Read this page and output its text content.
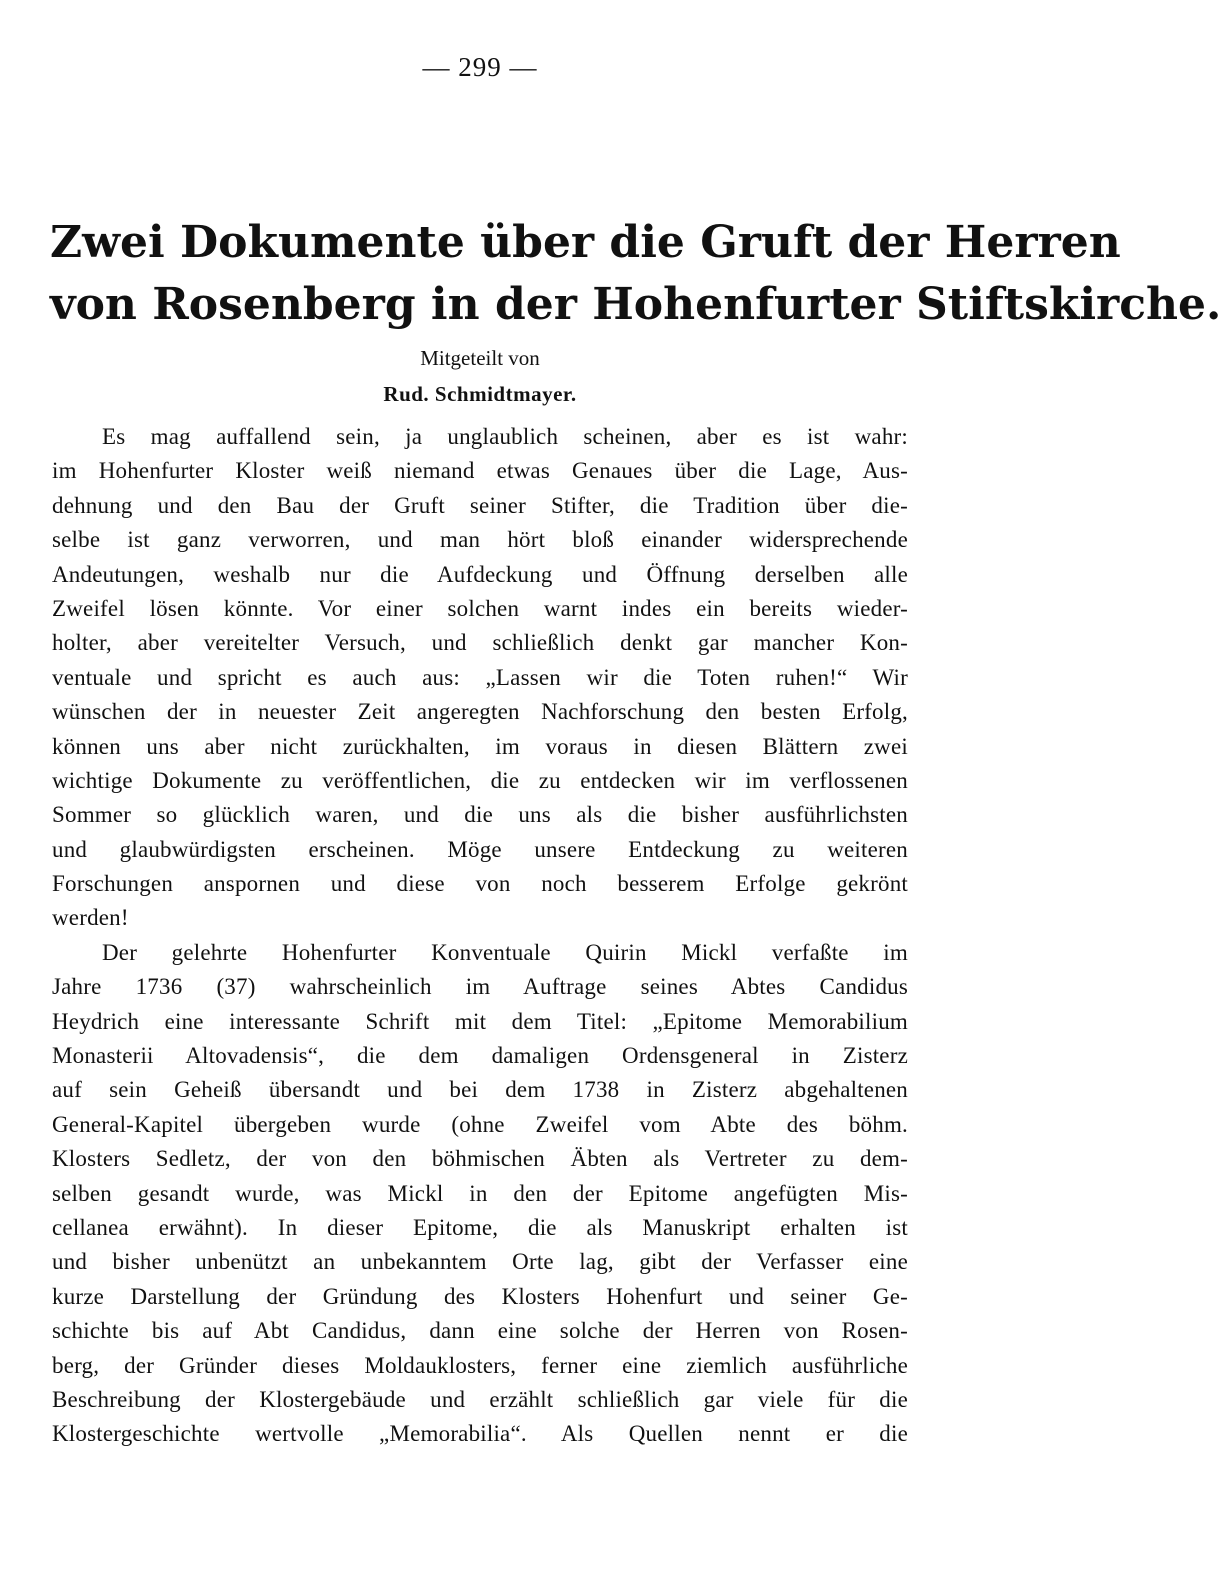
— 299 —
Zwei Dokumente über die Gruft der Herren
von Rosenberg in der Hohenfurter Stiftskirche.
Mitgeteilt von
Rud. Schmidtmayer.
Es mag auffallend sein, ja unglaublich scheinen, aber es ist wahr:
im Hohenfurter Kloster weiß niemand etwas Genaues über die Lage, Aus-
dehnung und den Bau der Gruft seiner Stifter, die Tradition über die-
selbe ist ganz verworren, und man hört bloß einander widersprechende
Andeutungen, weshalb nur die Aufdeckung und Öffnung derselben alle
Zweifel lösen könnte. Vor einer solchen warnt indes ein bereits wieder-
holter, aber vereitelter Versuch, und schließlich denkt gar mancher Kon-
ventuale und spricht es auch aus: „Lassen wir die Toten ruhen!“ Wir
wünschen der in neuester Zeit angeregten Nachforschung den besten Erfolg,
können uns aber nicht zurückhalten, im voraus in diesen Blättern zwei
wichtige Dokumente zu veröffentlichen, die zu entdecken wir im verflossenen
Sommer so glücklich waren, und die uns als die bisher ausführlichsten
und glaubwürdigsten erscheinen. Möge unsere Entdeckung zu weiteren
Forschungen anspornen und diese von noch besserem Erfolge gekrönt
werden!
Der gelehrte Hohenfurter Konventuale Quirin Mickl verfaßte im
Jahre 1736 (37) wahrscheinlich im Auftrage seines Abtes Candidus
Heydrich eine interessante Schrift mit dem Titel: „Epitome Memorabilium
Monasterii Altovadensis“, die dem damaligen Ordensgeneral in Zisterz
auf sein Geheiß übersandt und bei dem 1738 in Zisterz abgehaltenen
General-Kapitel übergeben wurde (ohne Zweifel vom Abte des böhm.
Klosters Sedletz, der von den böhmischen Äbten als Vertreter zu dem-
selben gesandt wurde, was Mickl in den der Epitome angefügten Mis-
cellanea erwähnt). In dieser Epitome, die als Manuskript erhalten ist
und bisher unbenützt an unbekanntem Orte lag, gibt der Verfasser eine
kurze Darstellung der Gründung des Klosters Hohenfurt und seiner Ge-
schichte bis auf Abt Candidus, dann eine solche der Herren von Rosen-
berg, der Gründer dieses Moldauklosters, ferner eine ziemlich ausführliche
Beschreibung der Klostergebäude und erzählt schließlich gar viele für die
Klostergeschichte wertvolle „Memorabilia“. Als Quellen nennt er die
